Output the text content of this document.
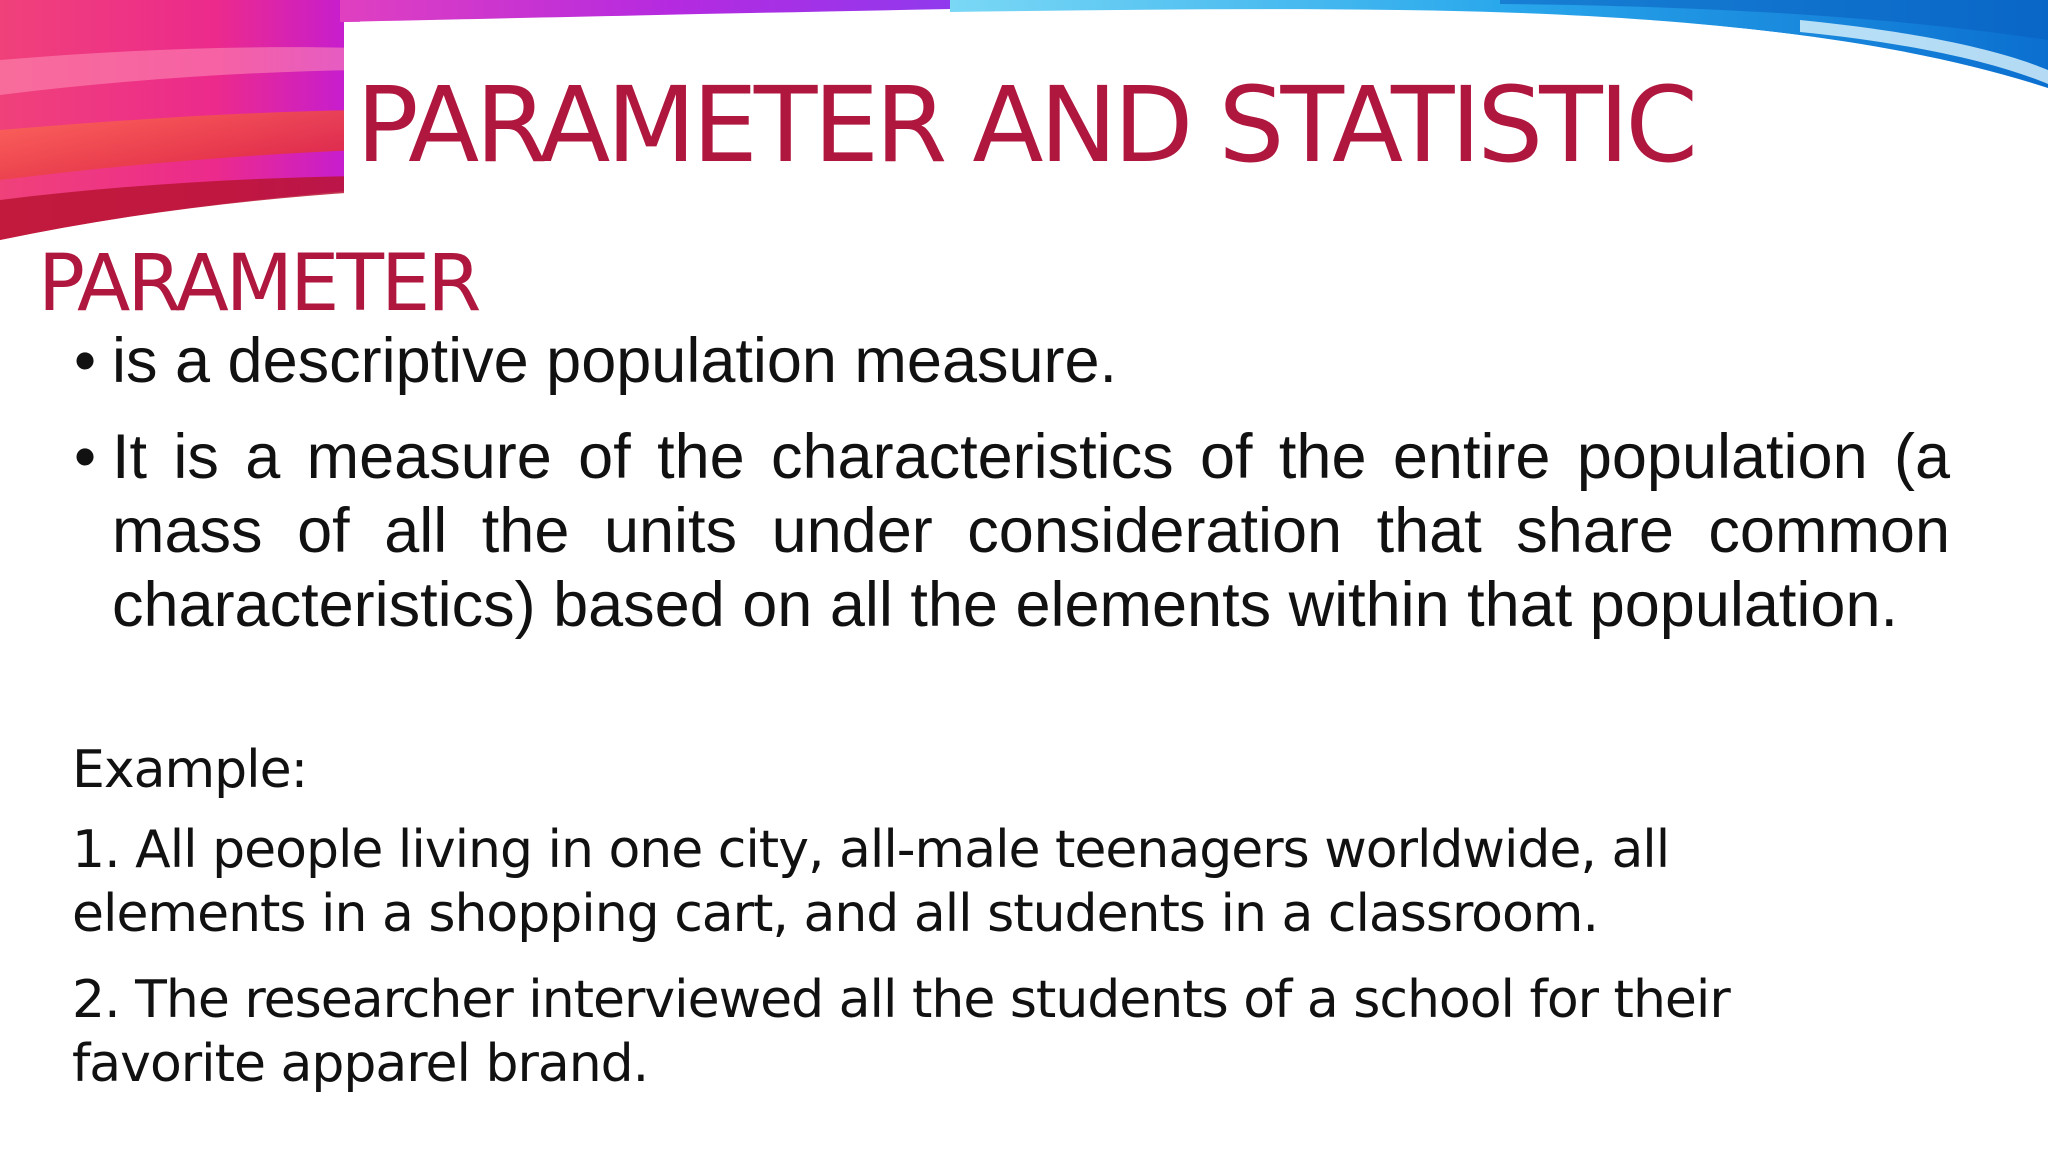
PARAMETER AND STATISTIC
PARAMETER
• is a descriptive population measure.
• It is a measure of the characteristics of the entire population (a mass of all the units under consideration that share common characteristics) based on all the elements within that population.

Example:

1. All people living in one city, all-male teenagers worldwide, all elements in a shopping cart, and all students in a classroom.

2. The researcher interviewed all the students of a school for their favorite apparel brand.
